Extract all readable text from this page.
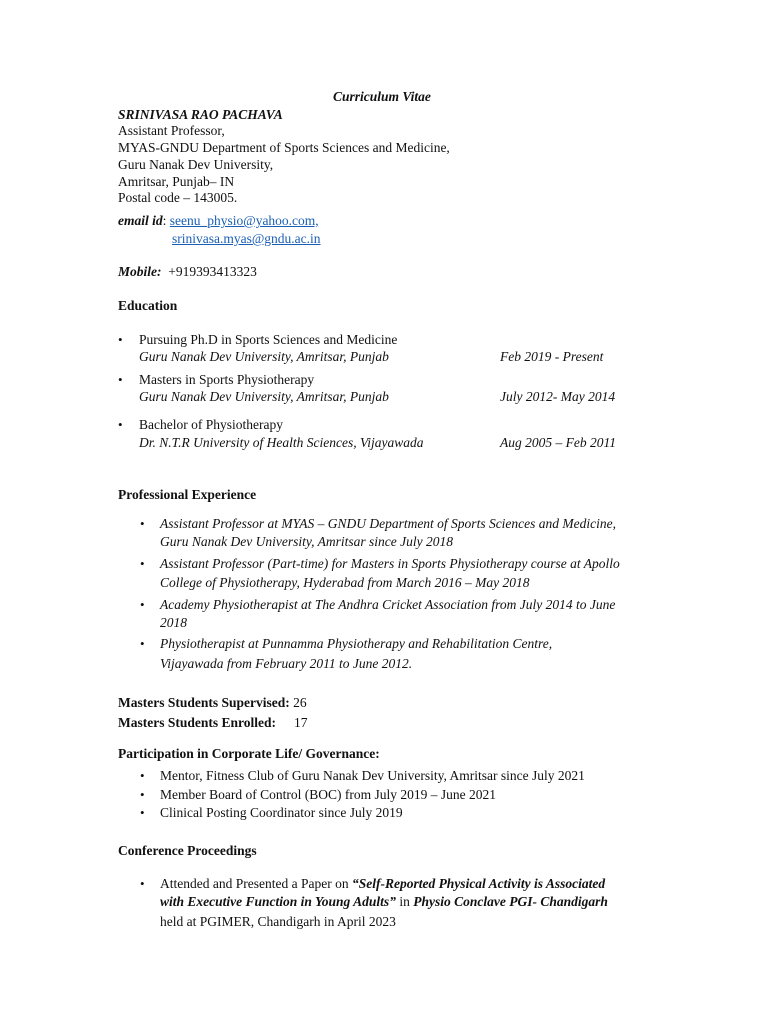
Curriculum Vitae
SRINIVASA RAO PACHAVA
Assistant Professor,
MYAS-GNDU Department of Sports Sciences and Medicine,
Guru Nanak Dev University,
Amritsar, Punjab– IN
Postal code – 143005.
email id: seenu_physio@yahoo.com,
srinivasa.myas@gndu.ac.in
Mobile: +919393413323
Education
• Pursuing Ph.D in Sports Sciences and Medicine
Guru Nanak Dev University, Amritsar, Punjab	Feb 2019 - Present
• Masters in Sports Physiotherapy
Guru Nanak Dev University, Amritsar, Punjab	July 2012- May 2014
• Bachelor of Physiotherapy
Dr. N.T.R University of Health Sciences, Vijayawada	Aug 2005 – Feb 2011
Professional Experience
• Assistant Professor at MYAS – GNDU Department of Sports Sciences and Medicine,
Guru Nanak Dev University, Amritsar since July 2018
• Assistant Professor (Part-time) for Masters in Sports Physiotherapy course at Apollo
College of Physiotherapy, Hyderabad from March 2016 – May 2018
• Academy Physiotherapist at The Andhra Cricket Association from July 2014 to June
2018
• Physiotherapist at Punnamma Physiotherapy and Rehabilitation Centre,
Vijayawada from February 2011 to June 2012.
Masters Students Supervised: 26
Masters Students Enrolled: 17
Participation in Corporate Life/ Governance:
• Mentor, Fitness Club of Guru Nanak Dev University, Amritsar since July 2021
• Member Board of Control (BOC) from July 2019 – June 2021
• Clinical Posting Coordinator since July 2019
Conference Proceedings
• Attended and Presented a Paper on “Self-Reported Physical Activity is Associated
with Executive Function in Young Adults” in Physio Conclave PGI- Chandigarh
held at PGIMER, Chandigarh in April 2023
